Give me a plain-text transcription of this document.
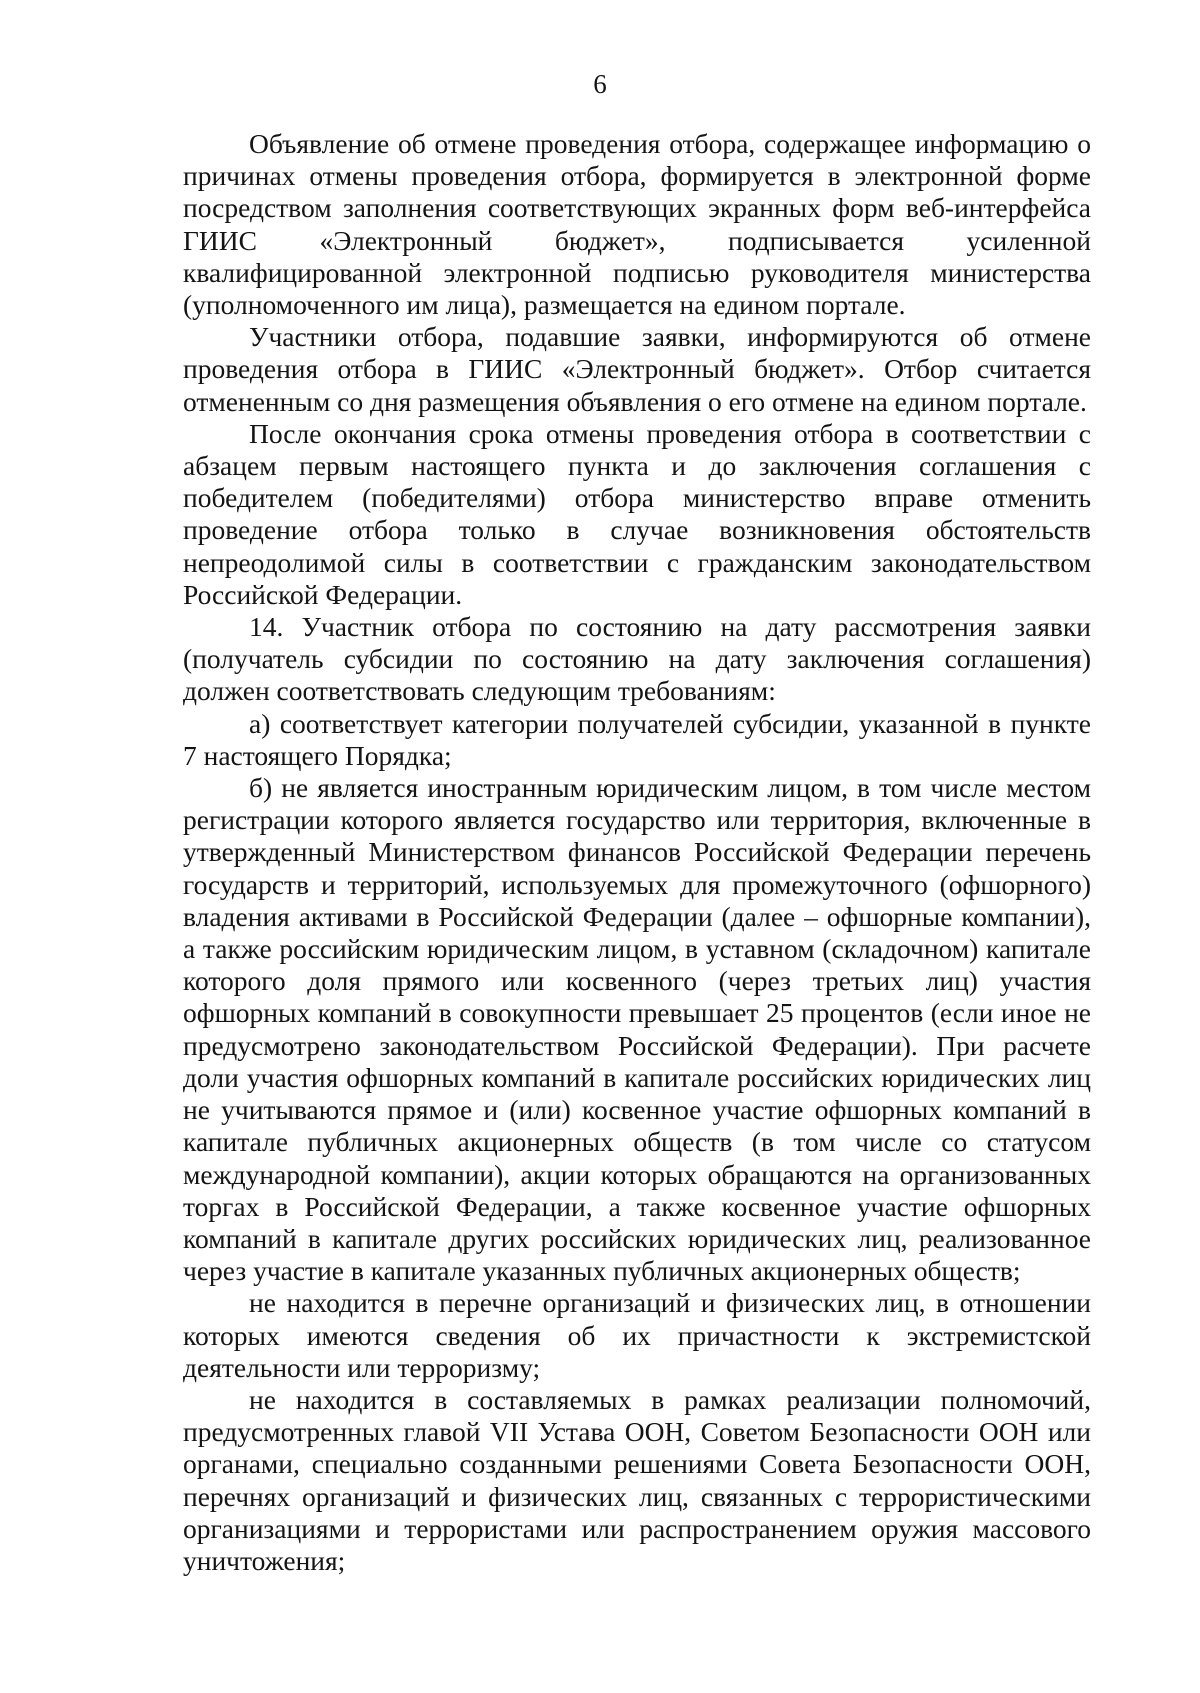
6

Объявление об отмене проведения отбора, содержащее информацию о причинах отмены проведения отбора, формируется в электронной форме посредством заполнения соответствующих экранных форм веб-интерфейса ГИИС «Электронный бюджет», подписывается усиленной квалифицированной электронной подписью руководителя министерства (уполномоченного им лица), размещается на едином портале.

Участники отбора, подавшие заявки, информируются об отмене проведения отбора в ГИИС «Электронный бюджет». Отбор считается отмененным со дня размещения объявления о его отмене на едином портале.

После окончания срока отмены проведения отбора в соответствии с абзацем первым настоящего пункта и до заключения соглашения с победителем (победителями) отбора министерство вправе отменить проведение отбора только в случае возникновения обстоятельств непреодолимой силы в соответствии с гражданским законодательством Российской Федерации.

14. Участник отбора по состоянию на дату рассмотрения заявки (получатель субсидии по состоянию на дату заключения соглашения) должен соответствовать следующим требованиям:

а) соответствует категории получателей субсидии, указанной в пункте 7 настоящего Порядка;

б) не является иностранным юридическим лицом, в том числе местом регистрации которого является государство или территория, включенные в утвержденный Министерством финансов Российской Федерации перечень государств и территорий, используемых для промежуточного (офшорного) владения активами в Российской Федерации (далее – офшорные компании), а также российским юридическим лицом, в уставном (складочном) капитале которого доля прямого или косвенного (через третьих лиц) участия офшорных компаний в совокупности превышает 25 процентов (если иное не предусмотрено законодательством Российской Федерации). При расчете доли участия офшорных компаний в капитале российских юридических лиц не учитываются прямое и (или) косвенное участие офшорных компаний в капитале публичных акционерных обществ (в том числе со статусом международной компании), акции которых обращаются на организованных торгах в Российской Федерации, а также косвенное участие офшорных компаний в капитале других российских юридических лиц, реализованное через участие в капитале указанных публичных акционерных обществ;

не находится в перечне организаций и физических лиц, в отношении которых имеются сведения об их причастности к экстремистской деятельности или терроризму;

не находится в составляемых в рамках реализации полномочий, предусмотренных главой VII Устава ООН, Советом Безопасности ООН или органами, специально созданными решениями Совета Безопасности ООН, перечнях организаций и физических лиц, связанных с террористическими организациями и террористами или распространением оружия массового уничтожения;
